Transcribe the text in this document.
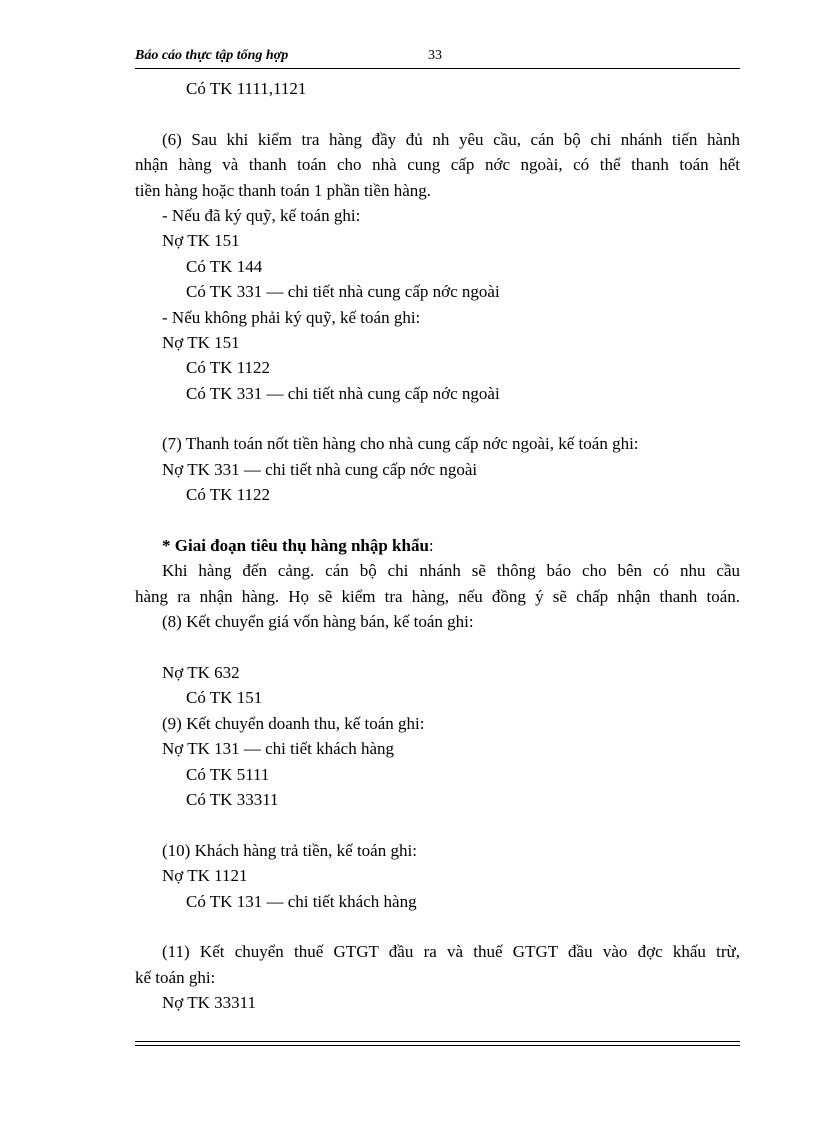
Báo cáo thực tập tổng hợp	33
Có TK 1111,1121
(6) Sau khi kiểm tra hàng đầy đủ nh yêu cầu, cán bộ chi nhánh tiến hành
nhận hàng và thanh toán cho nhà cung cấp nớc ngoài, có thể thanh toán hết
tiền hàng hoặc thanh toán 1 phần tiền hàng.
- Nếu đã ký quỹ, kế toán ghi:
Nợ TK 151
Có TK 144
Có TK 331 — chi tiết nhà cung cấp nớc ngoài
- Nếu không phải ký quỹ, kế toán ghi:
Nợ TK 151
Có TK 1122
Có TK 331 — chi tiết nhà cung cấp nớc ngoài
(7) Thanh toán nốt tiền hàng cho nhà cung cấp nớc ngoài, kế toán ghi:
Nợ TK 331 — chi tiết nhà cung cấp nớc ngoài
Có TK 1122
* Giai đoạn tiêu thụ hàng nhập khẩu:
Khi hàng đến cảng. cán bộ chi nhánh sẽ thông báo cho bên có nhu cầu
hàng ra nhận hàng. Họ sẽ kiểm tra hàng, nếu đồng ý sẽ chấp nhận thanh toán.
(8) Kết chuyển giá vốn hàng bán, kế toán ghi:
Nợ TK 632
Có TK 151
(9) Kết chuyển doanh thu, kế toán ghi:
Nợ TK 131 — chi tiết khách hàng
Có TK 5111
Có TK 33311
(10) Khách hàng trả tiền, kế toán ghi:
Nợ TK 1121
Có TK 131 — chi tiết khách hàng
(11) Kết chuyển thuế GTGT đầu ra và thuế GTGT đầu vào đợc khấu trừ,
kế toán ghi:
Nợ TK 33311
